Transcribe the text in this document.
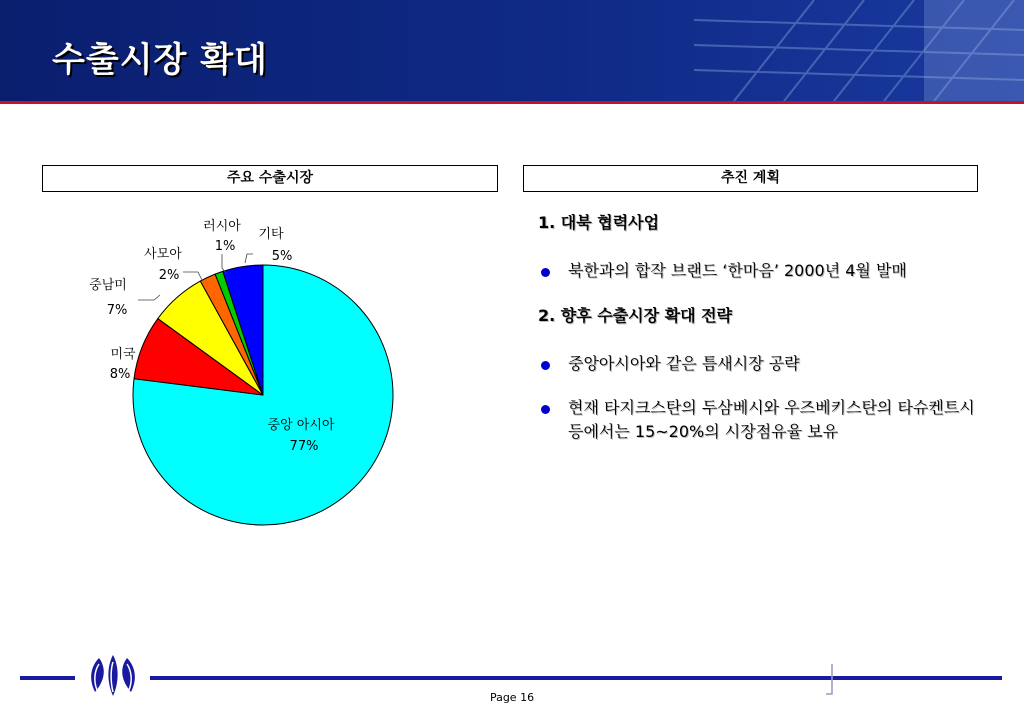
수출시장 확대
주요 수출시장	추진 계획
중앙 아시아
77%
미국
8%
중남미
7%
사모아
2%
러시아
1%
기타
5%
1. 대북 협력사업
북한과의 합작 브랜드 ‘한마음’ 2000년 4월 발매
2. 향후 수출시장 확대 전략
중앙아시아와 같은 틈새시장 공략
현재 타지크스탄의 두삼베시와 우즈베키스탄의 타슈켄트시 등에서는 15~20%의 시장점유율 보유
Page 16
